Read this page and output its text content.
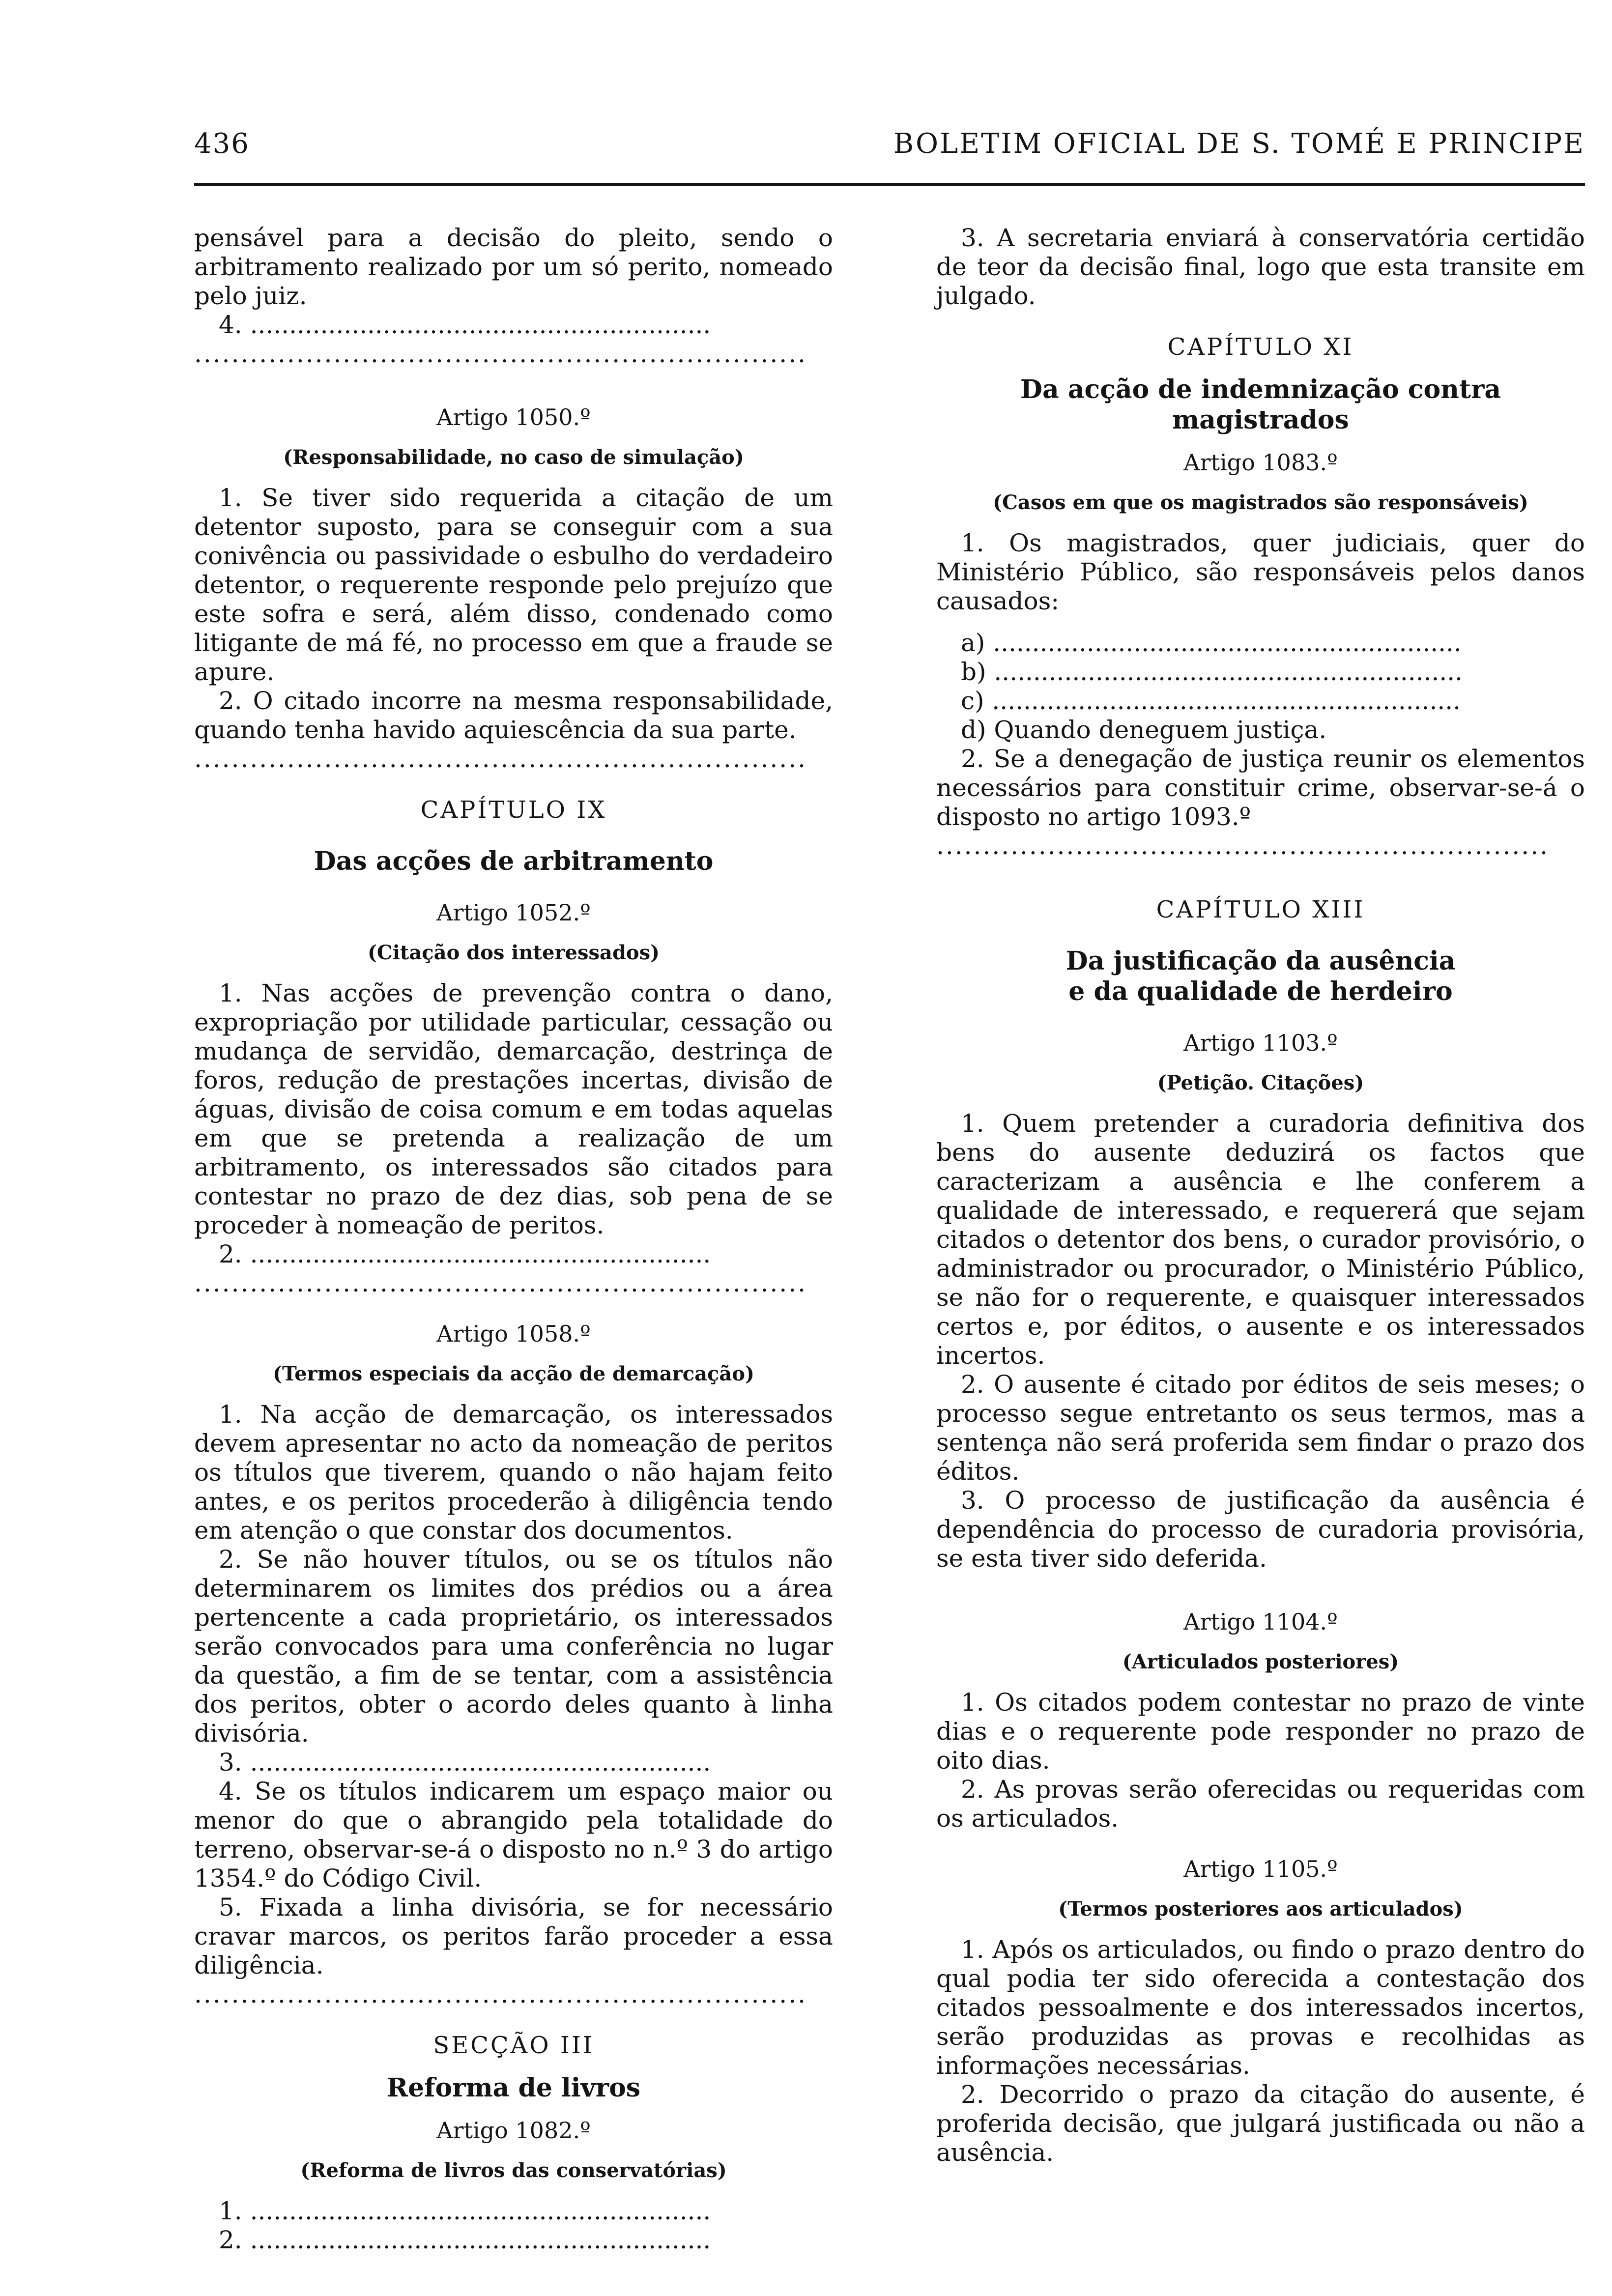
436	BOLETIM OFICIAL DE S. TOMÉ E PRINCIPE

pensável para a decisão do pleito, sendo o arbitramento realizado por um só perito, nomeado pelo juiz.

4. ...........................................................
..................................................................
Artigo 1050.º
(Responsabilidade, no caso de simulação)

1. Se tiver sido requerida a citação de um detentor suposto, para se conseguir com a sua conivência ou passividade o esbulho do verdadeiro detentor, o requerente responde pelo prejuízo que este sofra e será, além disso, condenado como litigante de má fé, no processo em que a fraude se apure.

2. O citado incorre na mesma responsabilidade, quando tenha havido aquiescência da sua parte.

..................................................................
CAPÍTULO IX
Das acções de arbitramento
Artigo 1052.º
(Citação dos interessados)

1. Nas acções de prevenção contra o dano, expropriação por utilidade particular, cessação ou mudança de servidão, demarcação, destrinça de foros, redução de prestações incertas, divisão de águas, divisão de coisa comum e em todas aquelas em que se pretenda a realização de um arbitramento, os interessados são citados para contestar no prazo de dez dias, sob pena de se proceder à nomeação de peritos.

2. ...........................................................
..................................................................
Artigo 1058.º
(Termos especiais da acção de demarcação)

1. Na acção de demarcação, os interessados devem apresentar no acto da nomeação de peritos os títulos que tiverem, quando o não hajam feito antes, e os peritos procederão à diligência tendo em atenção o que constar dos documentos.

2. Se não houver títulos, ou se os títulos não determinarem os limites dos prédios ou a área pertencente a cada proprietário, os interessados serão convocados para uma conferência no lugar da questão, a fim de se tentar, com a assistência dos peritos, obter o acordo deles quanto à linha divisória.

3. ...........................................................

4. Se os títulos indicarem um espaço maior ou menor do que o abrangido pela totalidade do terreno, observar-se-á o disposto no n.º 3 do artigo 1354.º do Código Civil.

5. Fixada a linha divisória, se for necessário cravar marcos, os peritos farão proceder a essa diligência.

..................................................................
SECÇÃO III
Reforma de livros
Artigo 1082.º
(Reforma de livros das conservatórias)
1. ...........................................................
2. ...........................................................

3. A secretaria enviará à conservatória certidão de teor da decisão final, logo que esta transite em julgado.

CAPÍTULO XI
Da acção de indemnização contra magistrados
Artigo 1083.º
(Casos em que os magistrados são responsáveis)

1. Os magistrados, quer judiciais, quer do Ministério Público, são responsáveis pelos danos causados:

a) ............................................................
b) ............................................................
c) ............................................................
d) Quando deneguem justiça.

2. Se a denegação de justiça reunir os elementos necessários para constituir crime, observar-se-á o disposto no artigo 1093.º

..................................................................
CAPÍTULO XIII
Da justificação da ausência
e da qualidade de herdeiro
Artigo 1103.º
(Petição. Citações)

1. Quem pretender a curadoria definitiva dos bens do ausente deduzirá os factos que caracterizam a ausência e lhe conferem a qualidade de interessado, e requererá que sejam citados o detentor dos bens, o curador provisório, o administrador ou procurador, o Ministério Público, se não for o requerente, e quaisquer interessados certos e, por éditos, o ausente e os interessados incertos.

2. O ausente é citado por éditos de seis meses; o processo segue entretanto os seus termos, mas a sentença não será proferida sem findar o prazo dos éditos.

3. O processo de justificação da ausência é dependência do processo de curadoria provisória, se esta tiver sido deferida.

Artigo 1104.º
(Articulados posteriores)

1. Os citados podem contestar no prazo de vinte dias e o requerente pode responder no prazo de oito dias.

2. As provas serão oferecidas ou requeridas com os articulados.

Artigo 1105.º
(Termos posteriores aos articulados)

1. Após os articulados, ou findo o prazo dentro do qual podia ter sido oferecida a contestação dos citados pessoalmente e dos interessados incertos, serão produzidas as provas e recolhidas as informações necessárias.

2. Decorrido o prazo da citação do ausente, é proferida decisão, que julgará justificada ou não a ausência.
